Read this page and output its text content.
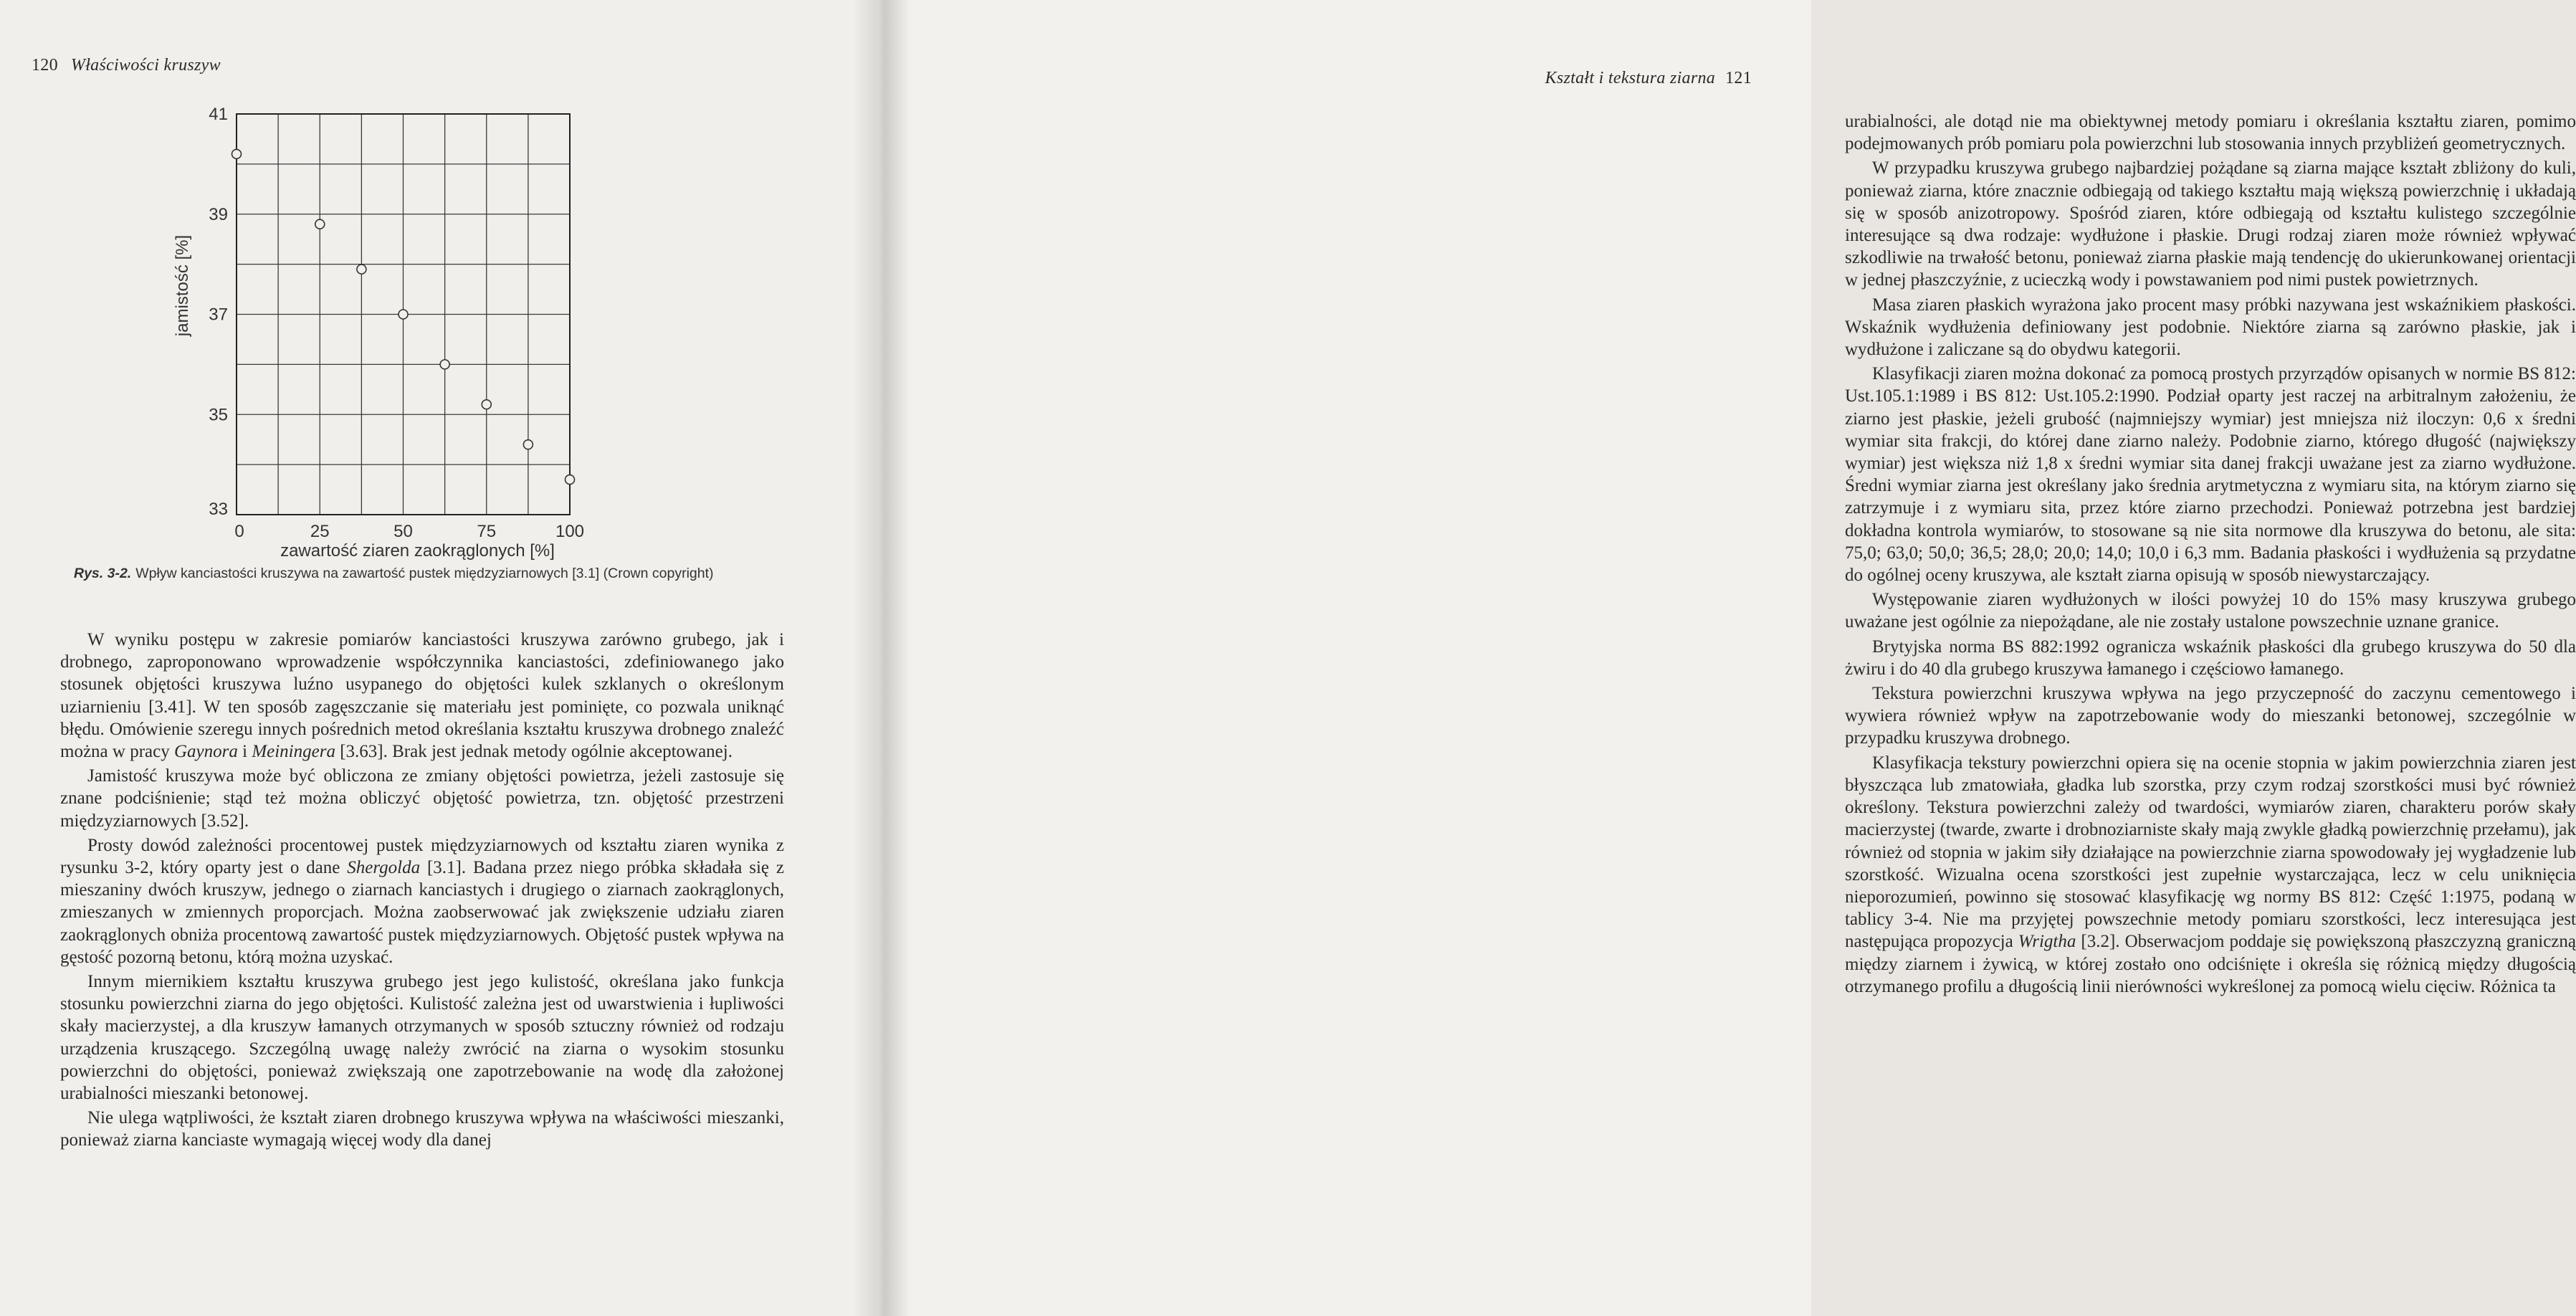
120 Właściwości kruszyw
0	25	50	75	100
33
35
37
39
41
zawartość ziaren zaokrąglonych [%]
jamistość [%]
Rys. 3-2. Wpływ kanciastości kruszywa na zawartość pustek międzyziarnowych [3.1] (Crown copyright)

W wyniku postępu w zakresie pomiarów kanciastości kruszywa zarówno grubego, jak i drobnego, zaproponowano wprowadzenie współczynnika kanciastości, zdefiniowanego jako stosunek objętości kruszywa luźno usypanego do objętości kulek szklanych o określonym uziarnieniu [3.41]. W ten sposób zagęszczanie się materiału jest pominięte, co pozwala uniknąć błędu. Omówienie szeregu innych pośrednich metod określania kształtu kruszywa drobnego znaleźć można w pracy Gaynora i Meiningera [3.63]. Brak jest jednak metody ogólnie akceptowanej.

Jamistość kruszywa może być obliczona ze zmiany objętości powietrza, jeżeli zastosuje się znane podciśnienie; stąd też można obliczyć objętość powietrza, tzn. objętość przestrzeni międzyziarnowych [3.52].

Prosty dowód zależności procentowej pustek międzyziarnowych od kształtu ziaren wynika z rysunku 3-2, który oparty jest o dane Shergolda [3.1]. Badana przez niego próbka składała się z mieszaniny dwóch kruszyw, jednego o ziarnach kanciastych i drugiego o ziarnach zaokrąglonych, zmieszanych w zmiennych proporcjach. Można zaobserwować jak zwiększenie udziału ziaren zaokrąglonych obniża procentową zawartość pustek międzyziarnowych. Objętość pustek wpływa na gęstość pozorną betonu, którą można uzyskać.

Innym miernikiem kształtu kruszywa grubego jest jego kulistość, określana jako funkcja stosunku powierzchni ziarna do jego objętości. Kulistość zależna jest od uwarstwienia i łupliwości skały macierzystej, a dla kruszyw łamanych otrzymanych w sposób sztuczny również od rodzaju urządzenia kruszącego. Szczególną uwagę należy zwrócić na ziarna o wysokim stosunku powierzchni do objętości, ponieważ zwiększają one zapotrzebowanie na wodę dla założonej urabialności mieszanki betonowej.

Nie ulega wątpliwości, że kształt ziaren drobnego kruszywa wpływa na właściwości mieszanki, ponieważ ziarna kanciaste wymagają więcej wody dla danej

Kształt i tekstura ziarna 121

urabialności, ale dotąd nie ma obiektywnej metody pomiaru i określania kształtu ziaren, pomimo podejmowanych prób pomiaru pola powierzchni lub stosowania innych przybliżeń geometrycznych.

W przypadku kruszywa grubego najbardziej pożądane są ziarna mające kształt zbliżony do kuli, ponieważ ziarna, które znacznie odbiegają od takiego kształtu mają większą powierzchnię i układają się w sposób anizotropowy. Spośród ziaren, które odbiegają od kształtu kulistego szczególnie interesujące są dwa rodzaje: wydłużone i płaskie. Drugi rodzaj ziaren może również wpływać szkodliwie na trwałość betonu, ponieważ ziarna płaskie mają tendencję do ukierunkowanej orientacji w jednej płaszczyźnie, z ucieczką wody i powstawaniem pod nimi pustek powietrznych.

Masa ziaren płaskich wyrażona jako procent masy próbki nazywana jest wskaźnikiem płaskości. Wskaźnik wydłużenia definiowany jest podobnie. Niektóre ziarna są zarówno płaskie, jak i wydłużone i zaliczane są do obydwu kategorii.

Klasyfikacji ziaren można dokonać za pomocą prostych przyrządów opisanych w normie BS 812: Ust.105.1:1989 i BS 812: Ust.105.2:1990. Podział oparty jest raczej na arbitralnym założeniu, że ziarno jest płaskie, jeżeli grubość (najmniejszy wymiar) jest mniejsza niż iloczyn: 0,6 x średni wymiar sita frakcji, do której dane ziarno należy. Podobnie ziarno, którego długość (największy wymiar) jest większa niż 1,8 x średni wymiar sita danej frakcji uważane jest za ziarno wydłużone. Średni wymiar ziarna jest określany jako średnia arytmetyczna z wymiaru sita, na którym ziarno się zatrzymuje i z wymiaru sita, przez które ziarno przechodzi. Ponieważ potrzebna jest bardziej dokładna kontrola wymiarów, to stosowane są nie sita normowe dla kruszywa do betonu, ale sita: 75,0; 63,0; 50,0; 36,5; 28,0; 20,0; 14,0; 10,0 i 6,3 mm. Badania płaskości i wydłużenia są przydatne do ogólnej oceny kruszywa, ale kształt ziarna opisują w sposób niewystarczający.

Występowanie ziaren wydłużonych w ilości powyżej 10 do 15% masy kruszywa grubego uważane jest ogólnie za niepożądane, ale nie zostały ustalone powszechnie uznane granice.

Brytyjska norma BS 882:1992 ogranicza wskaźnik płaskości dla grubego kruszywa do 50 dla żwiru i do 40 dla grubego kruszywa łamanego i częściowo łamanego.

Tekstura powierzchni kruszywa wpływa na jego przyczepność do zaczynu cementowego i wywiera również wpływ na zapotrzebowanie wody do mieszanki betonowej, szczególnie w przypadku kruszywa drobnego.

Klasyfikacja tekstury powierzchni opiera się na ocenie stopnia w jakim powierzchnia ziaren jest błyszcząca lub zmatowiała, gładka lub szorstka, przy czym rodzaj szorstkości musi być również określony. Tekstura powierzchni zależy od twardości, wymiarów ziaren, charakteru porów skały macierzystej (twarde, zwarte i drobnoziarniste skały mają zwykle gładką powierzchnię przełamu), jak również od stopnia w jakim siły działające na powierzchnie ziarna spowodowały jej wygładzenie lub szorstkość. Wizualna ocena szorstkości jest zupełnie wystarczająca, lecz w celu uniknięcia nieporozumień, powinno się stosować klasyfikację wg normy BS 812: Część 1:1975, podaną w tablicy 3-4. Nie ma przyjętej powszechnie metody pomiaru szorstkości, lecz interesująca jest następująca propozycja Wrigtha [3.2]. Obserwacjom poddaje się powiększoną płaszczyzną graniczną między ziarnem i żywicą, w której zostało ono odciśnięte i określa się różnicą między długością otrzymanego profilu a długością linii nierówności wykreślonej za pomocą wielu cięciw. Różnica ta
